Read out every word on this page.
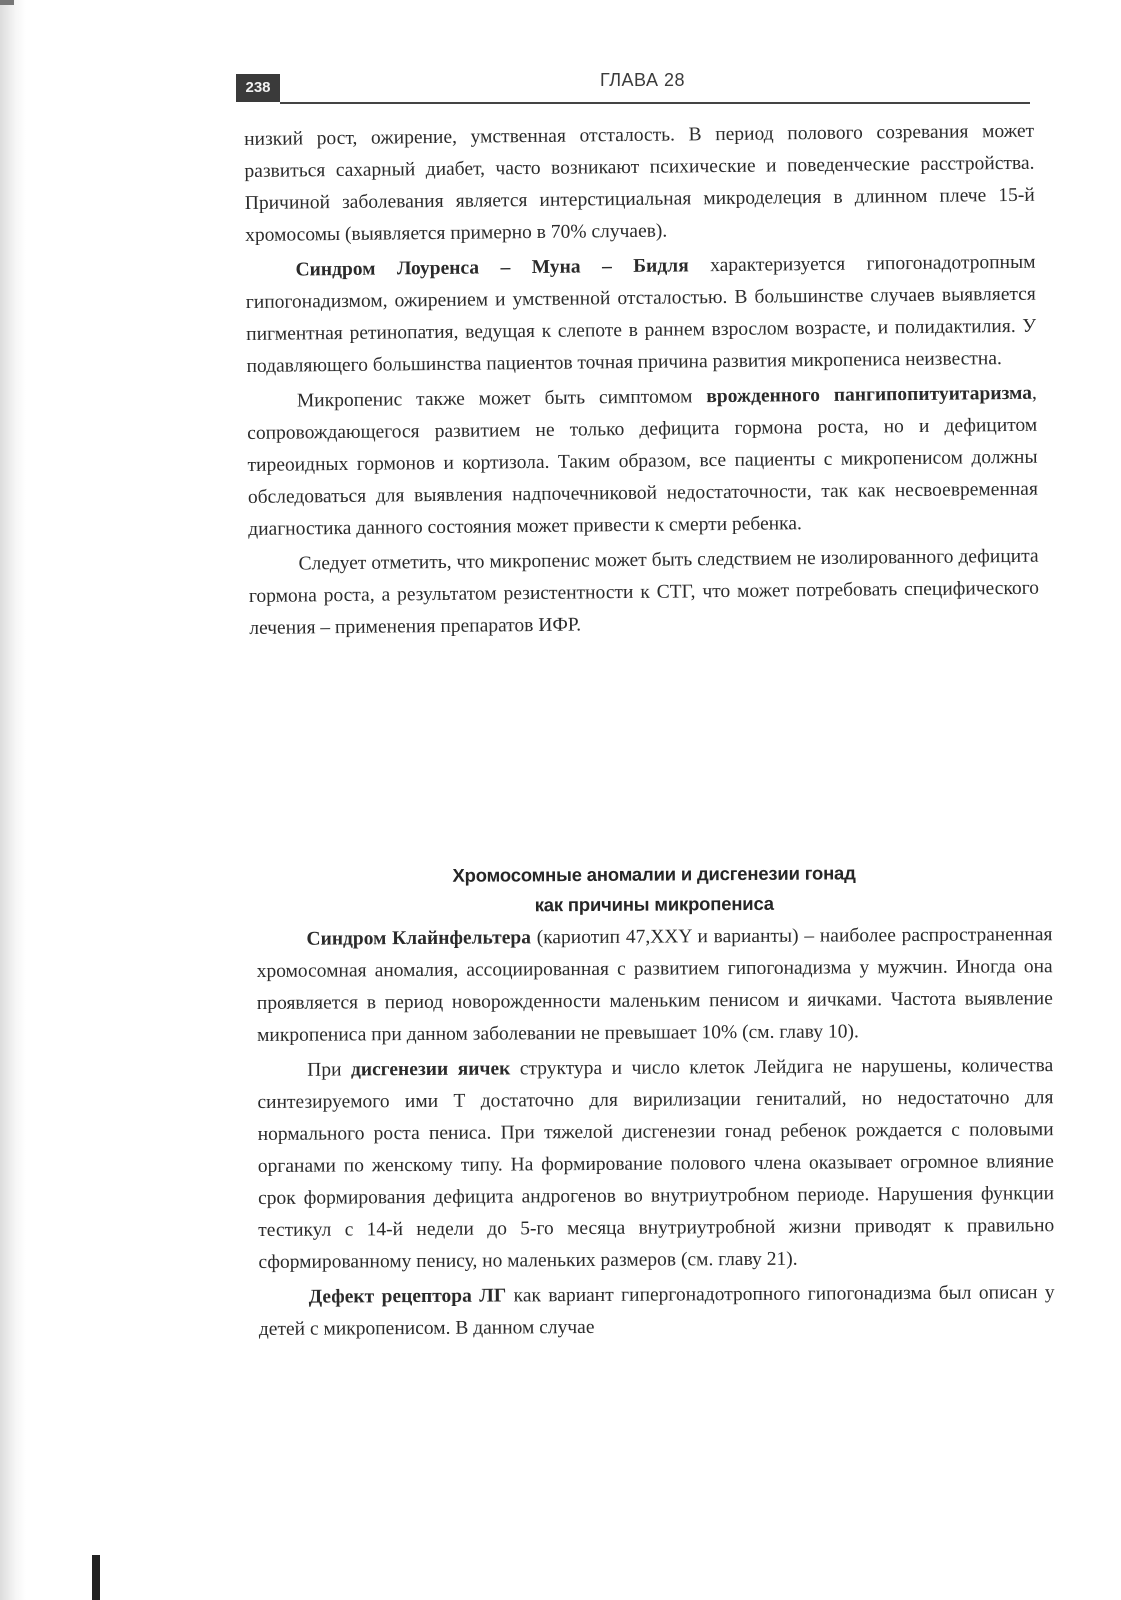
238	ГЛАВА 28

низкий рост, ожирение, умственная отсталость. В период полового созревания может развиться сахарный диабет, часто возникают психические и поведенческие расстройства. Причиной заболевания является интерстициальная микроделеция в длинном плече 15-й хромосомы (выявляется примерно в 70% случаев).

Синдром Лоуренса – Муна – Бидля характеризуется гипогонадотропным гипогонадизмом, ожирением и умственной отсталостью. В большинстве случаев выявляется пигментная ретинопатия, ведущая к слепоте в раннем взрослом возрасте, и полидактилия. У подавляющего большинства пациентов точная причина развития микропениса неизвестна.

Микропенис также может быть симптомом врожденного пангипопитуитаризма, сопровождающегося развитием не только дефицита гормона роста, но и дефицитом тиреоидных гормонов и кортизола. Таким образом, все пациенты с микропенисом должны обследоваться для выявления надпочечниковой недостаточности, так как несвоевременная диагностика данного состояния может привести к смерти ребенка.

Следует отметить, что микропенис может быть следствием не изолированного дефицита гормона роста, а результатом резистентности к СТГ, что может потребовать специфического лечения – применения препаратов ИФР.

Хромосомные аномалии и дисгенезии гонад
как причины микропениса

Синдром Клайнфельтера (кариотип 47,XXY и варианты) – наиболее распространенная хромосомная аномалия, ассоциированная с развитием гипогонадизма у мужчин. Иногда она проявляется в период новорожденности маленьким пенисом и яичками. Частота выявление микропениса при данном заболевании не превышает 10% (см. главу 10).

При дисгенезии яичек структура и число клеток Лейдига не нарушены, количества синтезируемого ими Т достаточно для вирилизации гениталий, но недостаточно для нормального роста пениса. При тяжелой дисгенезии гонад ребенок рождается с половыми органами по женскому типу. На формирование полового члена оказывает огромное влияние срок формирования дефицита андрогенов во внутриутробном периоде. Нарушения функции тестикул с 14-й недели до 5-го месяца внутриутробной жизни приводят к правильно сформированному пенису, но маленьких размеров (см. главу 21).

Дефект рецептора ЛГ как вариант гипергонадотропного гипогонадизма был описан у детей с микропенисом. В данном случае
